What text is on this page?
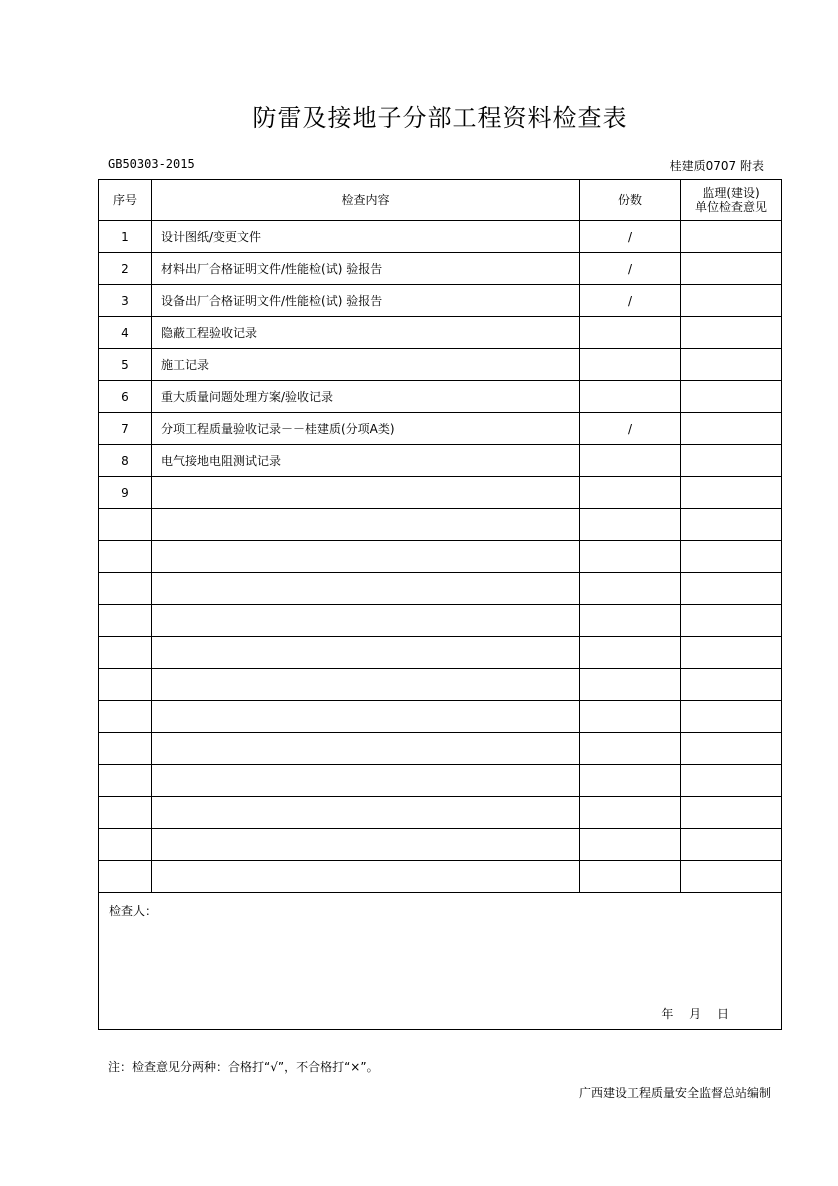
防雷及接地子分部工程资料检查表
GB50303-2015	桂建质0707 附表
序号	检查内容	份数	监理(建设)
单位检查意见
1	设计图纸/变更文件	/	
2	材料出厂合格证明文件/性能检(试) 验报告	/	
3	设备出厂合格证明文件/性能检(试) 验报告	/	
4	隐蔽工程验收记录		
5	施工记录		
6	重大质量问题处理方案/验收记录		
7	分项工程质量验收记录－－桂建质(分项A类)	/	
8	电气接地电阻测试记录		
9			

检查人：
年 月 日			
注：检查意见分两种：合格打“√”，不合格打“×”。
广西建设工程质量安全监督总站编制
